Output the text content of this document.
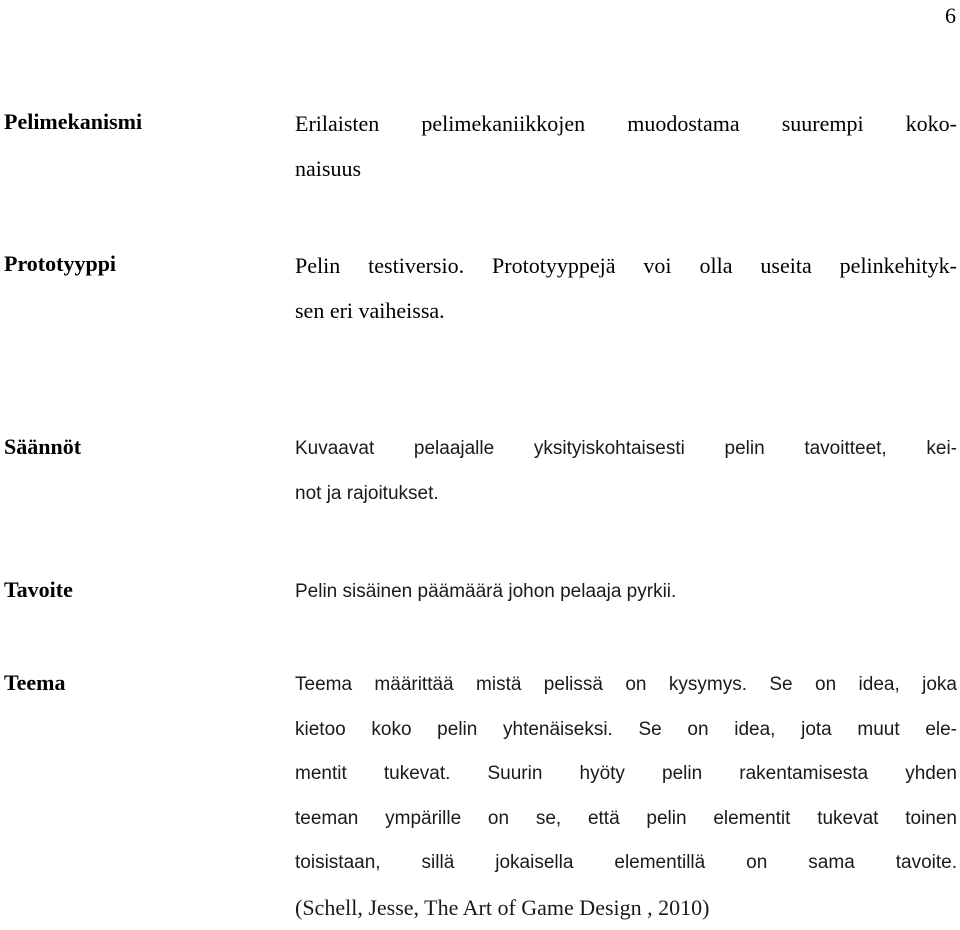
6
Pelimekanismi	Erilaisten pelimekaniikkojen muodostama suurempi koko-
naisuus
Prototyyppi	Pelin testiversio. Prototyyppejä voi olla useita pelinkehityk-
sen eri vaiheissa.
Säännöt	Kuvaavat pelaajalle yksityiskohtaisesti pelin tavoitteet, kei-
not ja rajoitukset.
Tavoite	Pelin sisäinen päämäärä johon pelaaja pyrkii.
Teema	Teema määrittää mistä pelissä on kysymys. Se on idea, joka
kietoo koko pelin yhtenäiseksi. Se on idea, jota muut ele-
mentit tukevat. Suurin hyöty pelin rakentamisesta yhden
teeman ympärille on se, että pelin elementit tukevat toinen
toisistaan, sillä jokaisella elementillä on sama tavoite.
(Schell, Jesse, The Art of Game Design , 2010)
